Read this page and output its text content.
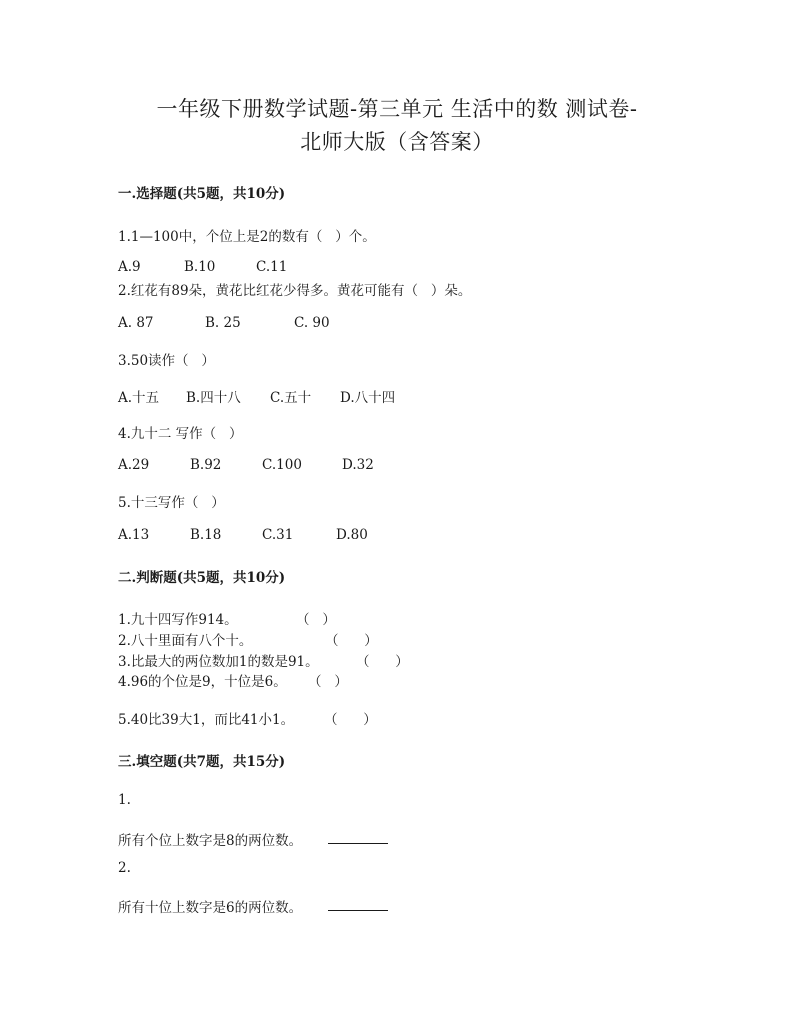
一年级下册数学试题-第三单元 生活中的数 测试卷-
北师大版（含答案）
一.选择题(共5题，共10分)
1.1—100中，个位上是2的数有（   ）个。
A.9	B.10	C.11
2.红花有89朵，黄花比红花少得多。黄花可能有（   ）朵。
A. 87	B. 25	C. 90
3.50读作（   ）
A.十五 B.四十八 C.五十 D.八十四
4.九十二 写作（   ）
A.29	B.92	C.100	D.32
5.十三写作（   ）
A.13	B.18	C.31	D.80
二.判断题(共5题，共10分)
1.九十四写作914。	（   ）
2.八十里面有八个十。	（      ）
3.比最大的两位数加1的数是91。	（      ）
4.96的个位是9，十位是6。 （   ）
5.40比39大1，而比41小1。 （      ）
三.填空题(共7题，共15分)
1.
所有个位上数字是8的两位数。
2.
所有十位上数字是6的两位数。
